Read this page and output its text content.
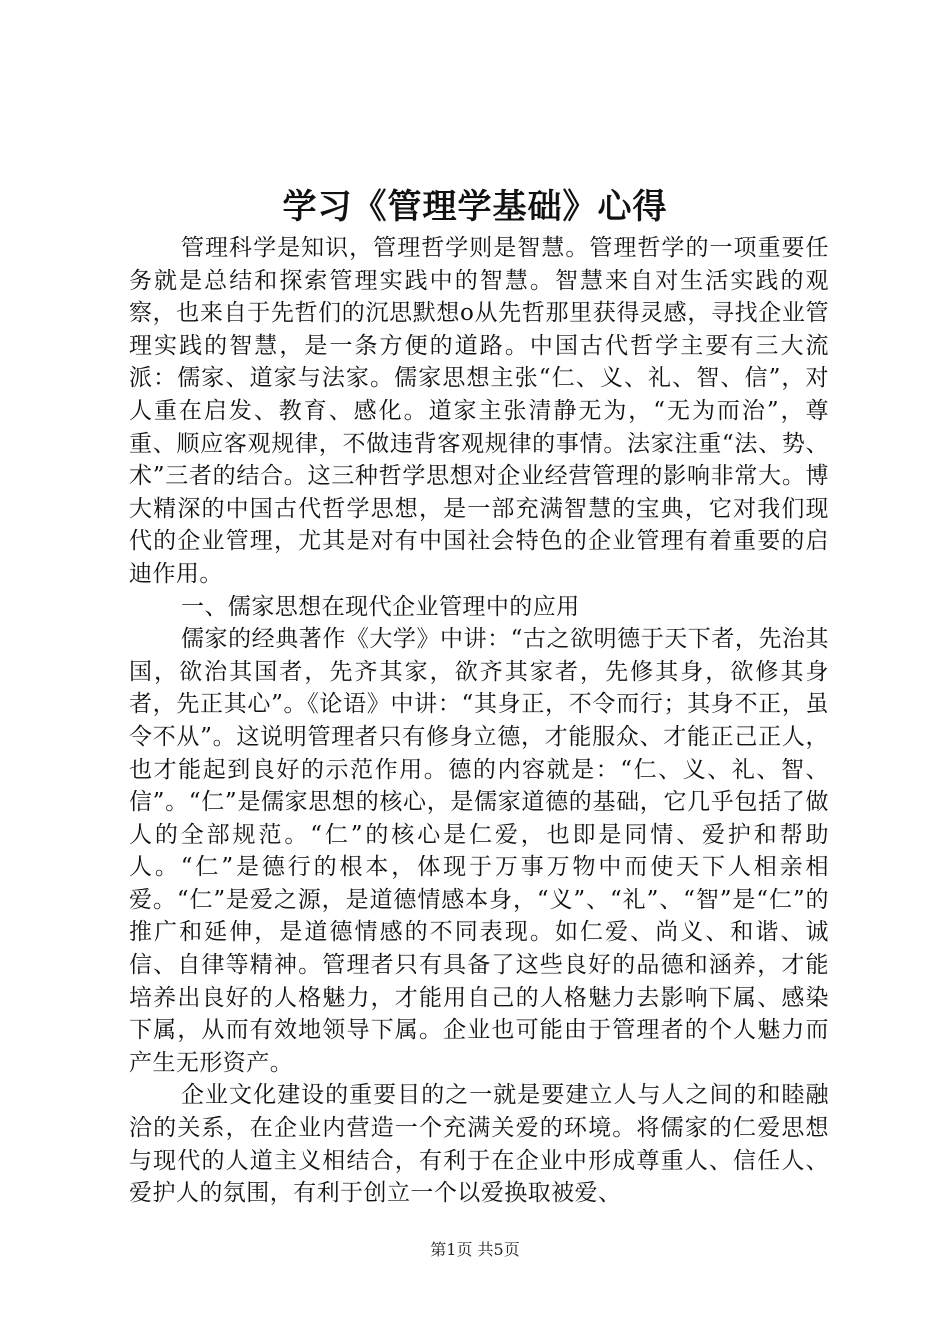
学习《管理学基础》心得

管理科学是知识，管理哲学则是智慧。管理哲学的一项重要任务就是总结和探索管理实践中的智慧。智慧来自对生活实践的观察，也来自于先哲们的沉思默想o从先哲那里获得灵感，寻找企业管理实践的智慧，是一条方便的道路。中国古代哲学主要有三大流派：儒家、道家与法家。儒家思想主张“仁、义、礼、智、信”，对人重在启发、教育、感化。道家主张清静无为，“无为而治”，尊重、顺应客观规律，不做违背客观规律的事情。法家注重“法、势、术”三者的结合。这三种哲学思想对企业经营管理的影响非常大。博大精深的中国古代哲学思想，是一部充满智慧的宝典，它对我们现代的企业管理，尤其是对有中国社会特色的企业管理有着重要的启迪作用。

一、儒家思想在现代企业管理中的应用

儒家的经典著作《大学》中讲：“古之欲明德于天下者，先治其国，欲治其国者，先齐其家，欲齐其家者，先修其身，欲修其身者，先正其心”。《论语》中讲：“其身正，不令而行；其身不正，虽令不从”。这说明管理者只有修身立德，才能服众、才能正己正人，也才能起到良好的示范作用。德的内容就是：“仁、义、礼、智、信”。“仁”是儒家思想的核心，是儒家道德的基础，它几乎包括了做人的全部规范。“仁”的核心是仁爱，也即是同情、爱护和帮助人。“仁”是德行的根本，体现于万事万物中而使天下人相亲相爱。“仁”是爱之源，是道德情感本身，“义”、“礼”、“智”是“仁”的推广和延伸，是道德情感的不同表现。如仁爱、尚义、和谐、诚信、自律等精神。管理者只有具备了这些良好的品德和涵养，才能培养出良好的人格魅力，才能用自己的人格魅力去影响下属、感染下属，从而有效地领导下属。企业也可能由于管理者的个人魅力而产生无形资产。

企业文化建设的重要目的之一就是要建立人与人之间的和睦融洽的关系，在企业内营造一个充满关爱的环境。将儒家的仁爱思想与现代的人道主义相结合，有利于在企业中形成尊重人、信任人、爱护人的氛围，有利于创立一个以爱换取被爱、

第1页 共5页
